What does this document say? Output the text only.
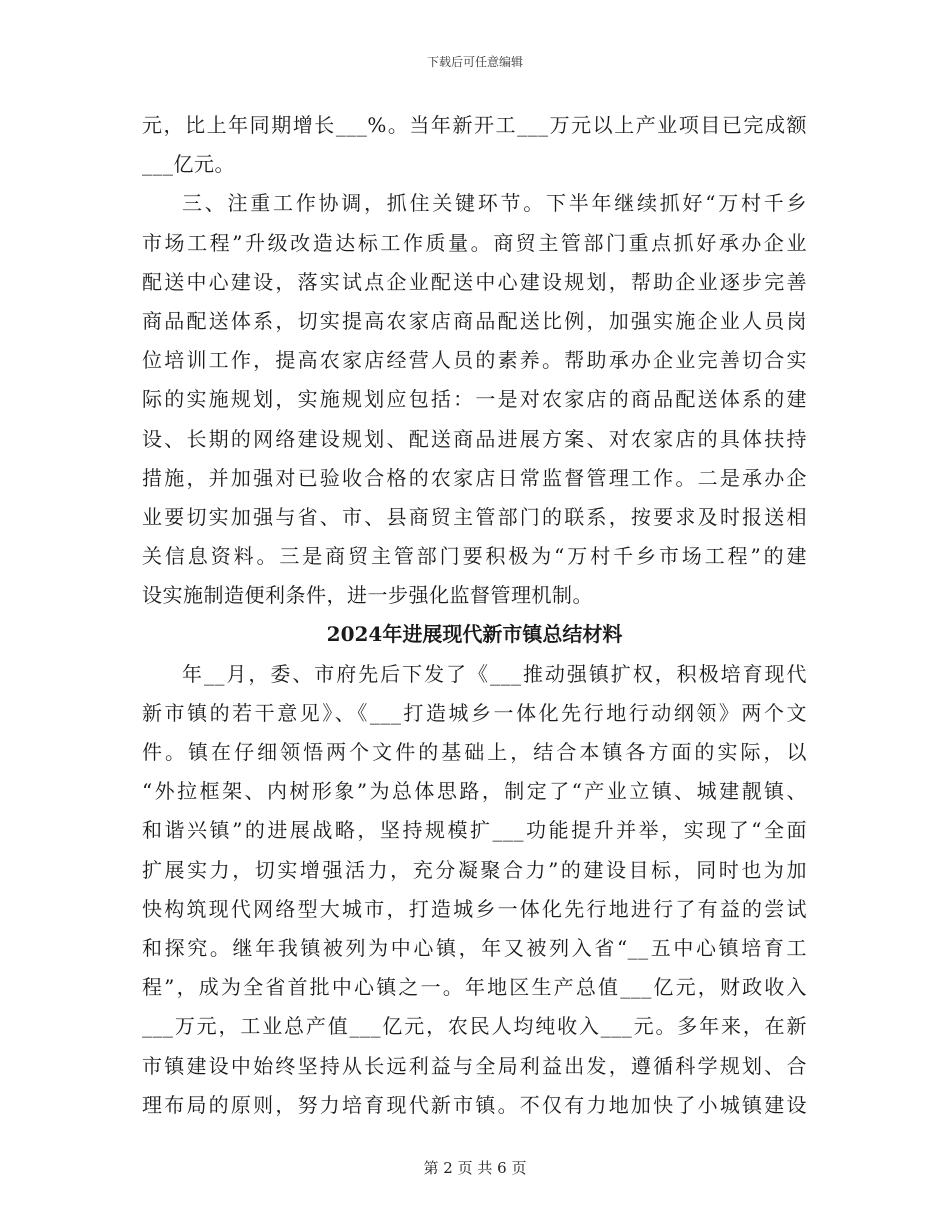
下载后可任意编辑
元，比上年同期增长___%。当年新开工___万元以上产业项目已完成额
___亿元。
三、注重工作协调，抓住关键环节。下半年继续抓好“万村千乡
市场工程”升级改造达标工作质量。商贸主管部门重点抓好承办企业
配送中心建设，落实试点企业配送中心建设规划，帮助企业逐步完善
商品配送体系，切实提高农家店商品配送比例，加强实施企业人员岗
位培训工作，提高农家店经营人员的素养。帮助承办企业完善切合实
际的实施规划，实施规划应包括：一是对农家店的商品配送体系的建
设、长期的网络建设规划、配送商品进展方案、对农家店的具体扶持
措施，并加强对已验收合格的农家店日常监督管理工作。二是承办企
业要切实加强与省、市、县商贸主管部门的联系，按要求及时报送相
关信息资料。三是商贸主管部门要积极为“万村千乡市场工程”的建
设实施制造便利条件，进一步强化监督管理机制。
2024年进展现代新市镇总结材料
年__月，委、市府先后下发了《___推动强镇扩权，积极培育现代
新市镇的若干意见》、《___打造城乡一体化先行地行动纲领》两个文
件。镇在仔细领悟两个文件的基础上，结合本镇各方面的实际，以
“外拉框架、内树形象”为总体思路，制定了“产业立镇、城建靓镇、
和谐兴镇”的进展战略，坚持规模扩___功能提升并举，实现了“全面
扩展实力，切实增强活力，充分凝聚合力”的建设目标，同时也为加
快构筑现代网络型大城市，打造城乡一体化先行地进行了有益的尝试
和探究。继年我镇被列为中心镇，年又被列入省“__五中心镇培育工
程”，成为全省首批中心镇之一。年地区生产总值___亿元，财政收入
___万元，工业总产值___亿元，农民人均纯收入___元。多年来，在新
市镇建设中始终坚持从长远利益与全局利益出发，遵循科学规划、合
理布局的原则，努力培育现代新市镇。不仅有力地加快了小城镇建设
第 2 页 共 6 页
